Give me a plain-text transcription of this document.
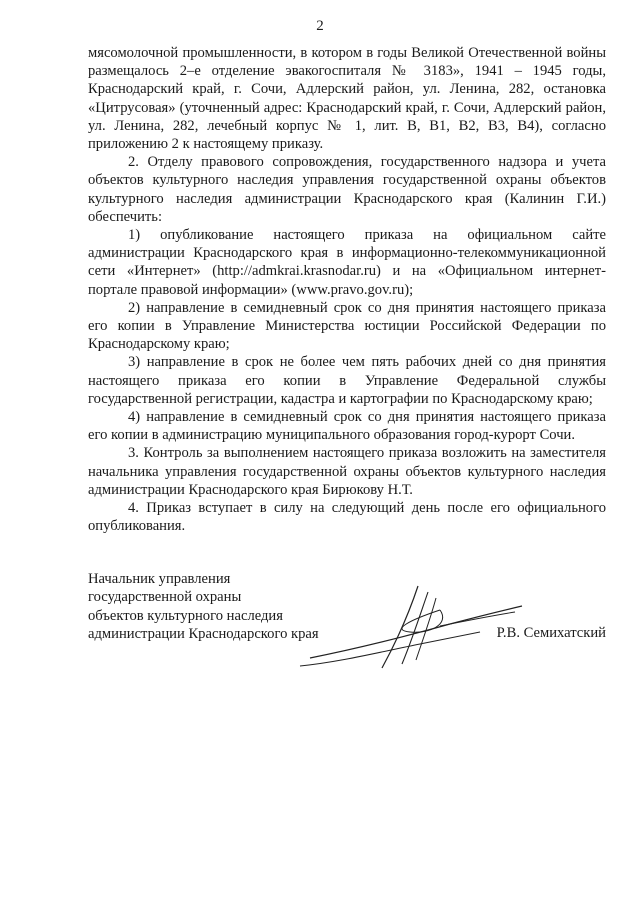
2

мясомолочной промышленности, в котором в годы Великой Отечественной войны размещалось 2–е отделение эвакогоспиталя № 3183», 1941 – 1945 годы, Краснодарский край, г. Сочи, Адлерский район, ул. Ленина, 282, остановка «Цитрусовая» (уточненный адрес: Краснодарский край, г. Сочи, Адлерский район, ул. Ленина, 282, лечебный корпус № 1, лит. В, В1, В2, В3, В4), согласно приложению 2 к настоящему приказу.

2. Отделу правового сопровождения, государственного надзора и учета объектов культурного наследия управления государственной охраны объектов культурного наследия администрации Краснодарского края (Калинин Г.И.) обеспечить:

1) опубликование настоящего приказа на официальном сайте администрации Краснодарского края в информационно-телекоммуникационной сети «Интернет» (http://admkrai.krasnodar.ru) и на «Официальном интернет-портале правовой информации» (www.pravo.gov.ru);

2) направление в семидневный срок со дня принятия настоящего приказа его копии в Управление Министерства юстиции Российской Федерации по Краснодарскому краю;

3) направление в срок не более чем пять рабочих дней со дня принятия настоящего приказа его копии в Управление Федеральной службы государственной регистрации, кадастра и картографии по Краснодарскому краю;

4) направление в семидневный срок со дня принятия настоящего приказа его копии в администрацию муниципального образования город-курорт Сочи.

3. Контроль за выполнением настоящего приказа возложить на заместителя начальника управления государственной охраны объектов культурного наследия администрации Краснодарского края Бирюкову Н.Т.

4. Приказ вступает в силу на следующий день после его официального опубликования.

Начальник управления
государственной охраны
объектов культурного наследия
администрации Краснодарского края	Р.В. Семихатский
